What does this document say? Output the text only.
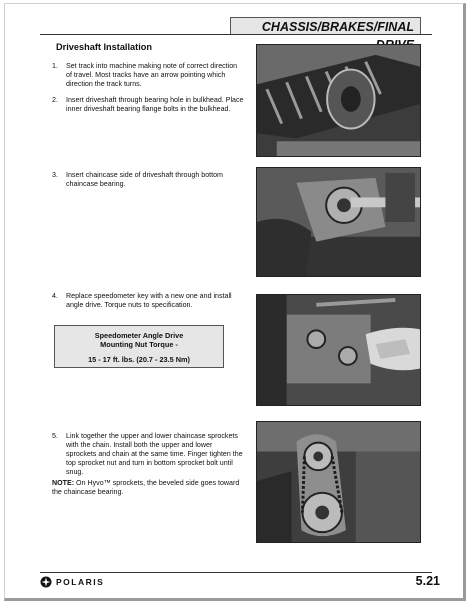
CHASSIS/BRAKES/FINAL
Driveshaft Installation
1. Set track into machine making note of correct direction of travel. Most tracks have an arrow pointing which direction the track turns.
2. Insert driveshaft through bearing hole in bulkhead. Place inner driveshaft bearing flange bolts in the bulkhead.
3. Insert chaincase side of driveshaft through bottom chaincase bearing.
4. Replace speedometer key with a new one and install angle drive. Torque nuts to specification.
Speedometer Angle Drive
Mounting Nut Torque -
15 - 17 ft. lbs. (20.7 - 23.5 Nm)
5. Link together the upper and lower chaincase sprockets with the chain. Install both the upper and lower sprockets and chain at the same time. Finger tighten the top sprocket nut and turn in bottom sprocket bolt until snug.
NOTE: On Hyvo™ sprockets, the beveled side goes toward the chaincase bearing.
POLARIS	5.21
